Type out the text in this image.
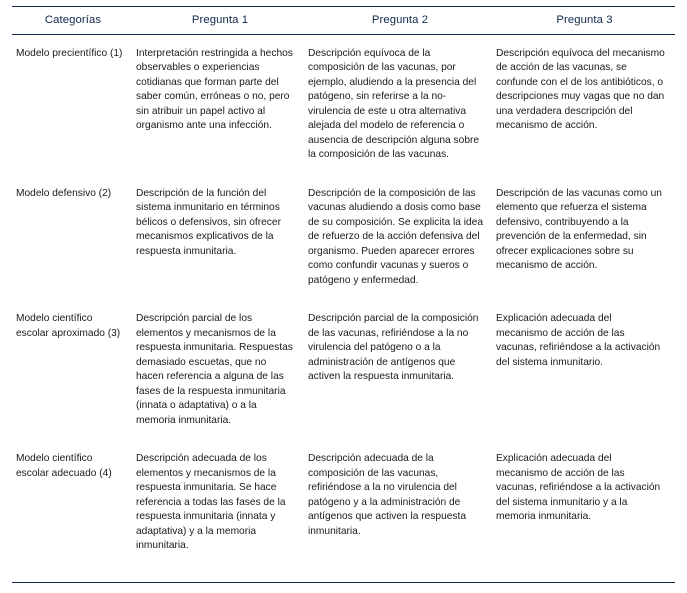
Categorías	Pregunta 1	Pregunta 2	Pregunta 3
Modelo precientífico (1)	Interpretación restringida a hechos observables o experiencias cotidianas que forman parte del saber común, erróneas o no, pero sin atribuir un papel activo al organismo ante una infección.	Descripción equívoca de la composición de las vacunas, por ejemplo, aludiendo a la presencia del patógeno, sin referirse a la no-virulencia de este u otra alternativa alejada del modelo de referencia o ausencia de descripción alguna sobre la composición de las vacunas.	Descripción equívoca del mecanismo de acción de las vacunas, se confunde con el de los antibióticos, o descripciones muy vagas que no dan una verdadera descripción del mecanismo de acción.
Modelo defensivo (2)	Descripción de la función del sistema inmunitario en términos bélicos o defensivos, sin ofrecer mecanismos explicativos de la respuesta inmunitaria.	Descripción de la composición de las vacunas aludiendo a dosis como base de su composición. Se explicita la idea de refuerzo de la acción defensiva del organismo. Pueden aparecer errores como confundir vacunas y sueros o patógeno y enfermedad.	Descripción de las vacunas como un elemento que refuerza el sistema defensivo, contribuyendo a la prevención de la enfermedad, sin ofrecer explicaciones sobre su mecanismo de acción.
Modelo científico escolar aproximado (3)	Descripción parcial de los elementos y mecanismos de la respuesta inmunitaria. Respuestas demasiado escuetas, que no hacen referencia a alguna de las fases de la respuesta inmunitaria (innata o adaptativa) o a la memoria inmunitaria.	Descripción parcial de la composición de las vacunas, refiriéndose a la no virulencia del patógeno o a la administración de antígenos que activen la respuesta inmunitaria.	Explicación adecuada del mecanismo de acción de las vacunas, refiriéndose a la activación del sistema inmunitario.
Modelo científico escolar adecuado (4)	Descripción adecuada de los elementos y mecanismos de la respuesta inmunitaria. Se hace referencia a todas las fases de la respuesta inmunitaria (innata y adaptativa) y a la memoria inmunitaria.	Descripción adecuada de la composición de las vacunas, refiriéndose a la no virulencia del patógeno y a la administración de antígenos que activen la respuesta inmunitaria.	Explicación adecuada del mecanismo de acción de las vacunas, refiriéndose a la activación del sistema inmunitario y a la memoria inmunitaria.
